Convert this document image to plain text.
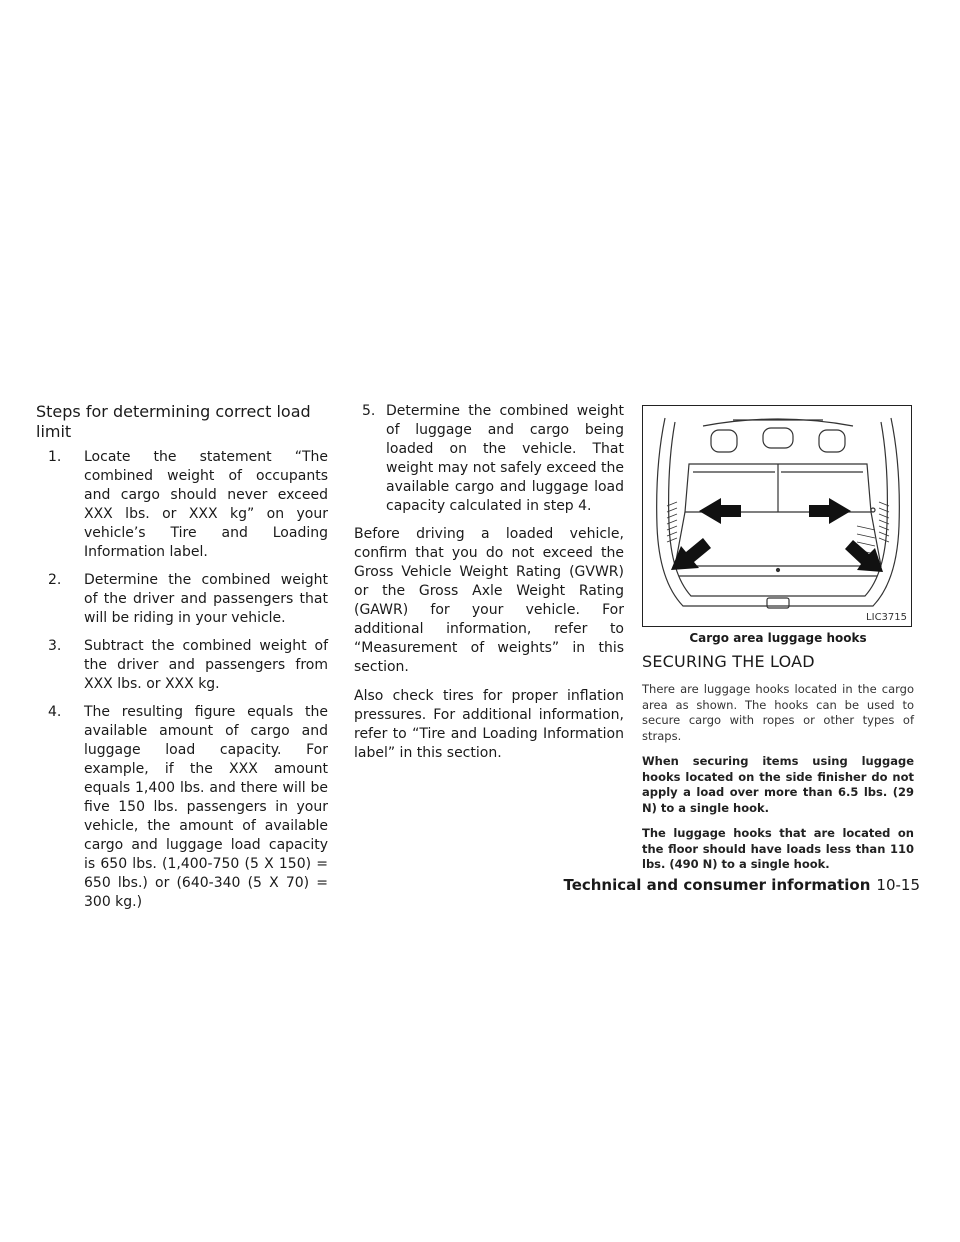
Steps for determining correct load limit
1. Locate the statement “The combined weight of occupants and cargo should never exceed XXX lbs. or XXX kg” on your vehicle’s Tire and Loading Information label.
2. Determine the combined weight of the driver and passengers that will be riding in your vehicle.
3. Subtract the combined weight of the driver and passengers from XXX lbs. or XXX kg.
4. The resulting figure equals the available amount of cargo and luggage load capacity. For example, if the XXX amount equals 1,400 lbs. and there will be five 150 lbs. passengers in your vehicle, the amount of available cargo and luggage load capacity is 650 lbs. (1,400-750 (5 X 150) = 650 lbs.) or (640-340 (5 X 70) = 300 kg.)
5. Determine the combined weight of luggage and cargo being loaded on the vehicle. That weight may not safely exceed the available cargo and luggage load capacity calculated in step 4.

Before driving a loaded vehicle, confirm that you do not exceed the Gross Vehicle Weight Rating (GVWR) or the Gross Axle Weight Rating (GAWR) for your vehicle. For additional information, refer to “Measurement of weights” in this section.

Also check tires for proper inflation pressures. For additional information, refer to “Tire and Loading Information label” in this section.

LIC3715
Cargo area luggage hooks
SECURING THE LOAD

There are luggage hooks located in the cargo area as shown. The hooks can be used to secure cargo with ropes or other types of straps.

When securing items using luggage hooks located on the side finisher do not apply a load over more than 6.5 lbs. (29 N) to a single hook.

The luggage hooks that are located on the floor should have loads less than 110 lbs. (490 N) to a single hook.

Technical and consumer information 10-15
